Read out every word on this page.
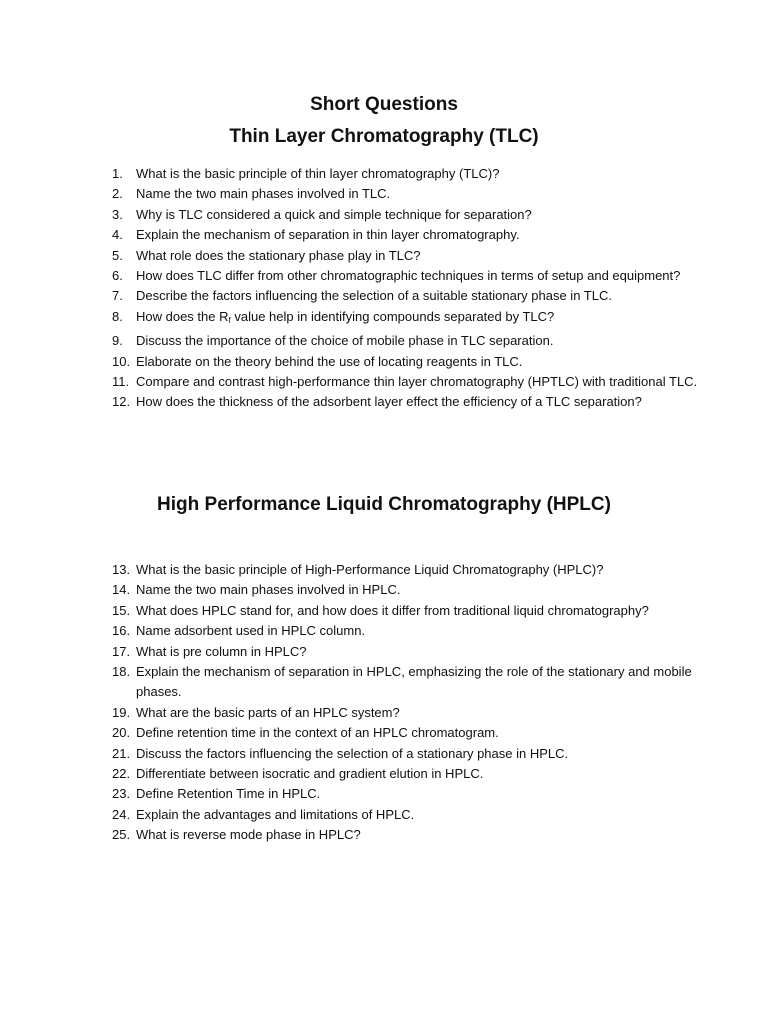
Short Questions
Thin Layer Chromatography (TLC)
1.	What is the basic principle of thin layer chromatography (TLC)?
2.	Name the two main phases involved in TLC.
3.	Why is TLC considered a quick and simple technique for separation?
4.	Explain the mechanism of separation in thin layer chromatography.
5.	What role does the stationary phase play in TLC?
6.	How does TLC differ from other chromatographic techniques in terms of setup and equipment?
7.	Describe the factors influencing the selection of a suitable stationary phase in TLC.
8.	How does the $R_f$ value help in identifying compounds separated by TLC?
9.	Discuss the importance of the choice of mobile phase in TLC separation.
10. Elaborate on the theory behind the use of locating reagents in TLC.
11. Compare and contrast high-performance thin layer chromatography (HPTLC) with traditional TLC.
12. How does the thickness of the adsorbent layer effect the efficiency of a TLC separation?
High Performance Liquid Chromatography (HPLC)
13. What is the basic principle of High-Performance Liquid Chromatography (HPLC)?
14. Name the two main phases involved in HPLC.
15. What does HPLC stand for, and how does it differ from traditional liquid chromatography?
16. Name adsorbent used in HPLC column.
17. What is pre column in HPLC?
18. Explain the mechanism of separation in HPLC, emphasizing the role of the stationary and mobile phases.
19. What are the basic parts of an HPLC system?
20. Define retention time in the context of an HPLC chromatogram.
21. Discuss the factors influencing the selection of a stationary phase in HPLC.
22. Differentiate between isocratic and gradient elution in HPLC.
23. Define Retention Time in HPLC.
24. Explain the advantages and limitations of HPLC.
25. What is reverse mode phase in HPLC?
